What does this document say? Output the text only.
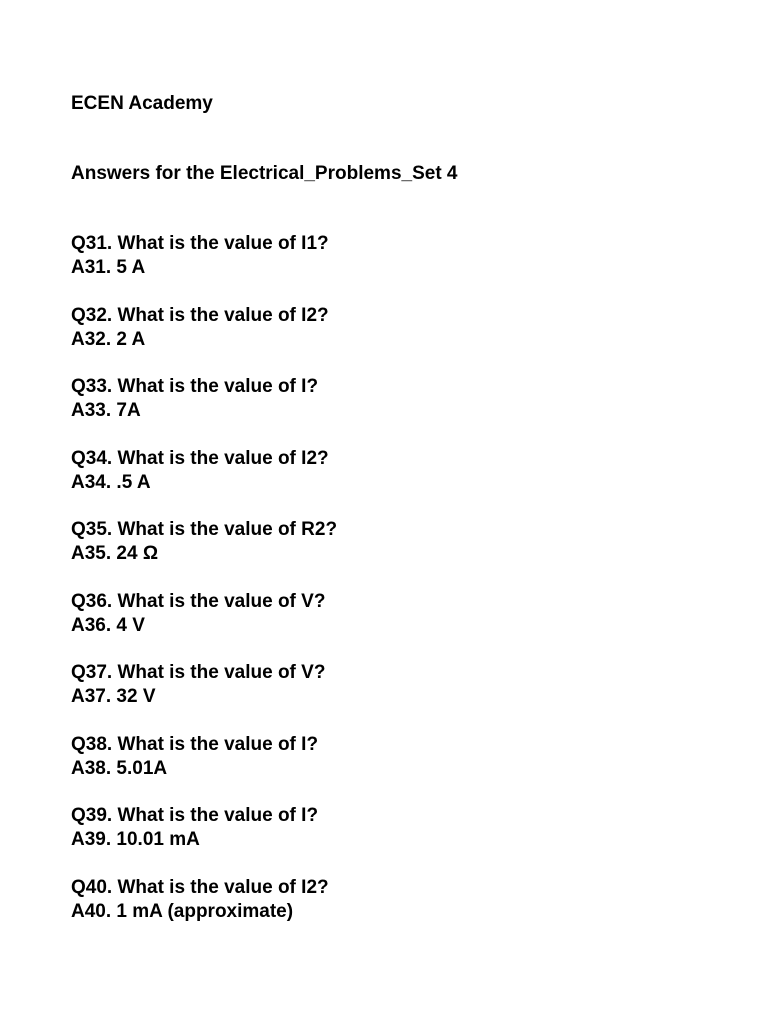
ECEN Academy
Answers for the Electrical_Problems_Set 4
Q31. What is the value of I1?
A31. 5 A
Q32. What is the value of I2?
A32. 2 A
Q33. What is the value of I?
A33. 7A
Q34. What is the value of I2?
A34. .5 A
Q35. What is the value of R2?
A35. 24 Ω
Q36. What is the value of V?
A36. 4 V
Q37. What is the value of V?
A37. 32 V
Q38. What is the value of I?
A38. 5.01A
Q39. What is the value of I?
A39. 10.01 mA
Q40. What is the value of I2?
A40. 1 mA (approximate)
